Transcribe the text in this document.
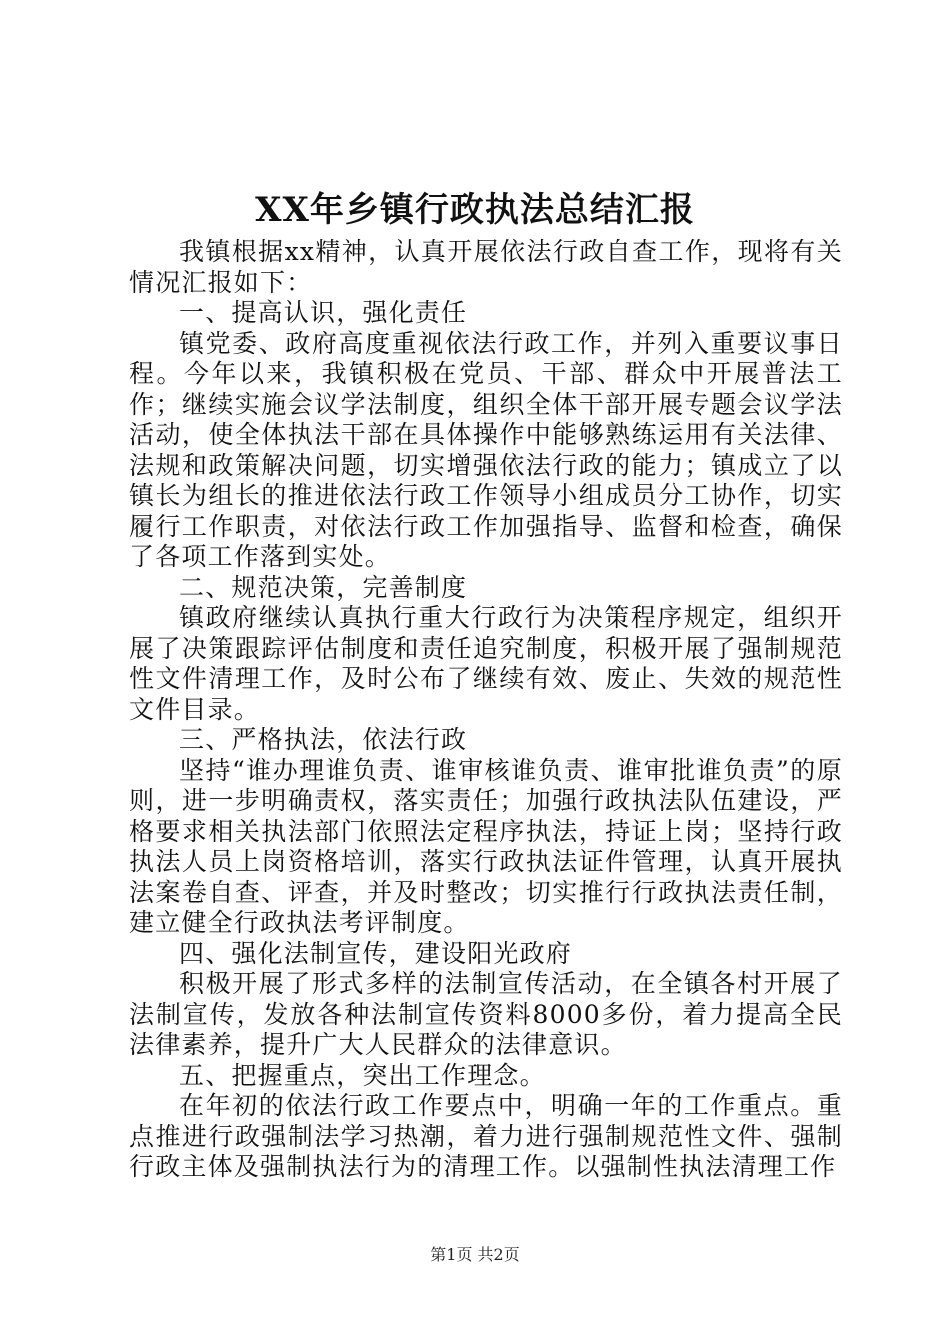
XX年乡镇行政执法总结汇报

我镇根据xx精神，认真开展依法行政自查工作，现将有关情况汇报如下：

一、提高认识，强化责任

镇党委、政府高度重视依法行政工作，并列入重要议事日程。今年以来，我镇积极在党员、干部、群众中开展普法工作；继续实施会议学法制度，组织全体干部开展专题会议学法活动，使全体执法干部在具体操作中能够熟练运用有关法律、法规和政策解决问题，切实增强依法行政的能力；镇成立了以镇长为组长的推进依法行政工作领导小组成员分工协作，切实履行工作职责，对依法行政工作加强指导、监督和检查，确保了各项工作落到实处。

二、规范决策，完善制度

镇政府继续认真执行重大行政行为决策程序规定，组织开展了决策跟踪评估制度和责任追究制度，积极开展了强制规范性文件清理工作，及时公布了继续有效、废止、失效的规范性文件目录。

三、严格执法，依法行政

坚持“谁办理谁负责、谁审核谁负责、谁审批谁负责”的原则，进一步明确责权，落实责任；加强行政执法队伍建设，严格要求相关执法部门依照法定程序执法，持证上岗；坚持行政执法人员上岗资格培训，落实行政执法证件管理，认真开展执法案卷自查、评查，并及时整改；切实推行行政执法责任制，建立健全行政执法考评制度。

四、强化法制宣传，建设阳光政府

积极开展了形式多样的法制宣传活动，在全镇各村开展了法制宣传，发放各种法制宣传资料8000多份，着力提高全民法律素养，提升广大人民群众的法律意识。

五、把握重点，突出工作理念。

在年初的依法行政工作要点中，明确一年的工作重点。重点推进行政强制法学习热潮，着力进行强制规范性文件、强制行政主体及强制执法行为的清理工作。以强制性执法清理工作

第1页 共2页
